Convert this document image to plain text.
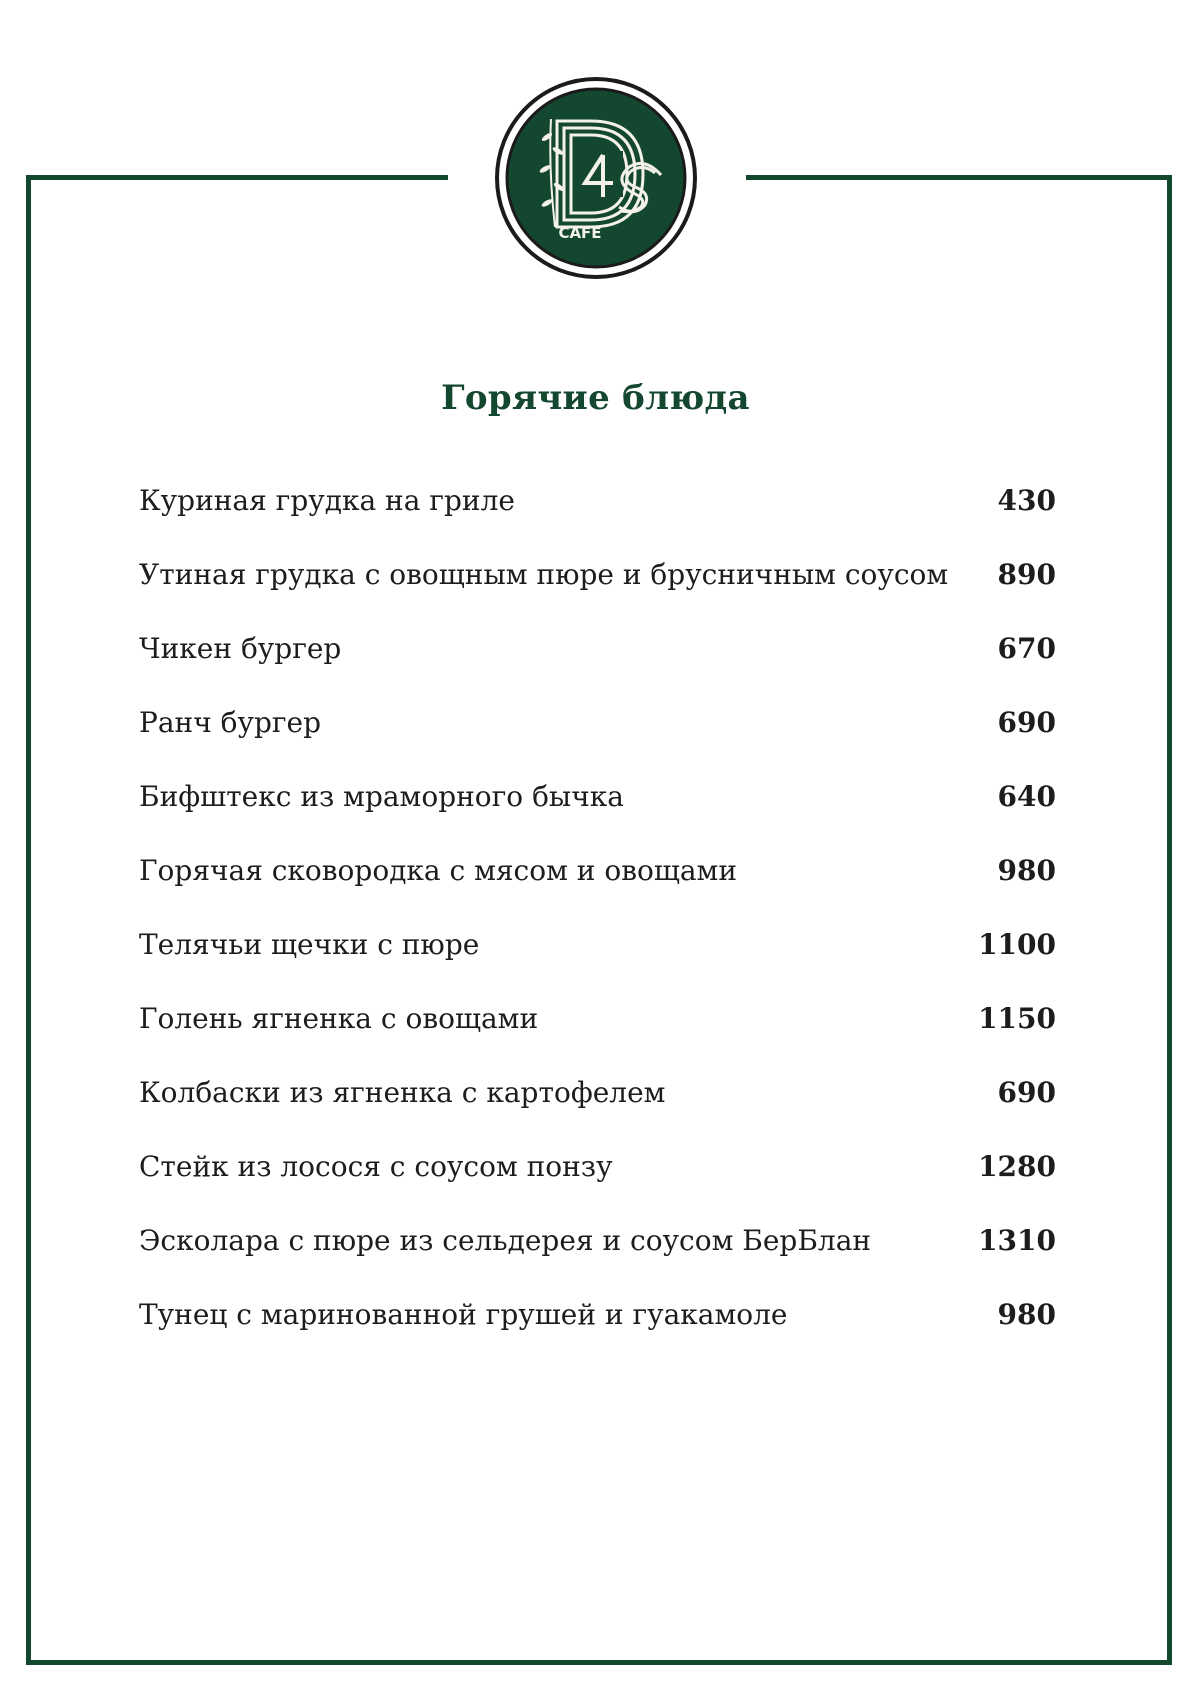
CAFE
Горячие блюда
Куриная грудка на гриле	430
Утиная грудка с овощным пюре и брусничным соусом 890
Чикен бургер	670
Ранч бургер	690
Бифштекс из мраморного бычка	640
Горячая сковородка с мясом и овощами	980
Телячьи щечки с пюре	1100
Голень ягненка с овощами	1150
Колбаски из ягненка с картофелем	690
Стейк из лосося с соусом понзу	1280
Эсколара с пюре из сельдерея и соусом БерБлан	1310
Тунец с маринованной грушей и гуакамоле	980
